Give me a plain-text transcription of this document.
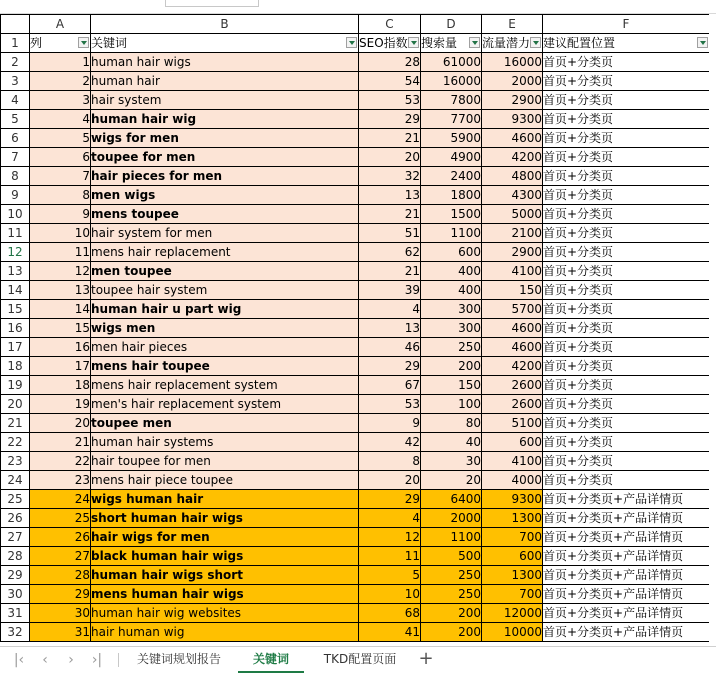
	A	B	C	D	E	F
1	列	关键词	SEO指数	搜索量	流量潜力	建议配置位置

2	1	human hair wigs	28	61000	16000	首页+分类页
3	2	human hair	54	16000	2000	首页+分类页
4	3	hair system	53	7800	2900	首页+分类页
5	4	human hair wig	29	7700	9300	首页+分类页
6	5	wigs for men	21	5900	4600	首页+分类页
7	6	toupee for men	20	4900	4200	首页+分类页
8	7	hair pieces for men	32	2400	4800	首页+分类页
9	8	men wigs	13	1800	4300	首页+分类页
10	9	mens toupee	21	1500	5000	首页+分类页
11	10	hair system for men	51	1100	2100	首页+分类页
12	11	mens hair replacement	62	600	2900	首页+分类页
13	12	men toupee	21	400	4100	首页+分类页
14	13	toupee hair system	39	400	150	首页+分类页
15	14	human hair u part wig	4	300	5700	首页+分类页
16	15	wigs men	13	300	4600	首页+分类页
17	16	men hair pieces	46	250	4600	首页+分类页
18	17	mens hair toupee	29	200	4200	首页+分类页
19	18	mens hair replacement system	67	150	2600	首页+分类页
20	19	men's hair replacement system	53	100	2600	首页+分类页
21	20	toupee men	9	80	5100	首页+分类页
22	21	human hair systems	42	40	600	首页+分类页
23	22	hair toupee for men	8	30	4100	首页+分类页
24	23	mens hair piece toupee	20	20	4000	首页+分类页
25	24	wigs human hair	29	6400	9300	首页+分类页+产品详情页
26	25	short human hair wigs	4	2000	1300	首页+分类页+产品详情页
27	26	hair wigs for men	12	1100	700	首页+分类页+产品详情页
28	27	black human hair wigs	11	500	600	首页+分类页+产品详情页
29	28	human hair wigs short	5	250	1300	首页+分类页+产品详情页
30	29	mens human hair wigs	10	250	700	首页+分类页+产品详情页
31	30	human hair wig websites	68	200	12000	首页+分类页+产品详情页
32	31	hair human wig	41	200	10000	首页+分类页+产品详情页
|‹	‹	›	›|	关键词规划报告	关键词	TKD配置页面	+
